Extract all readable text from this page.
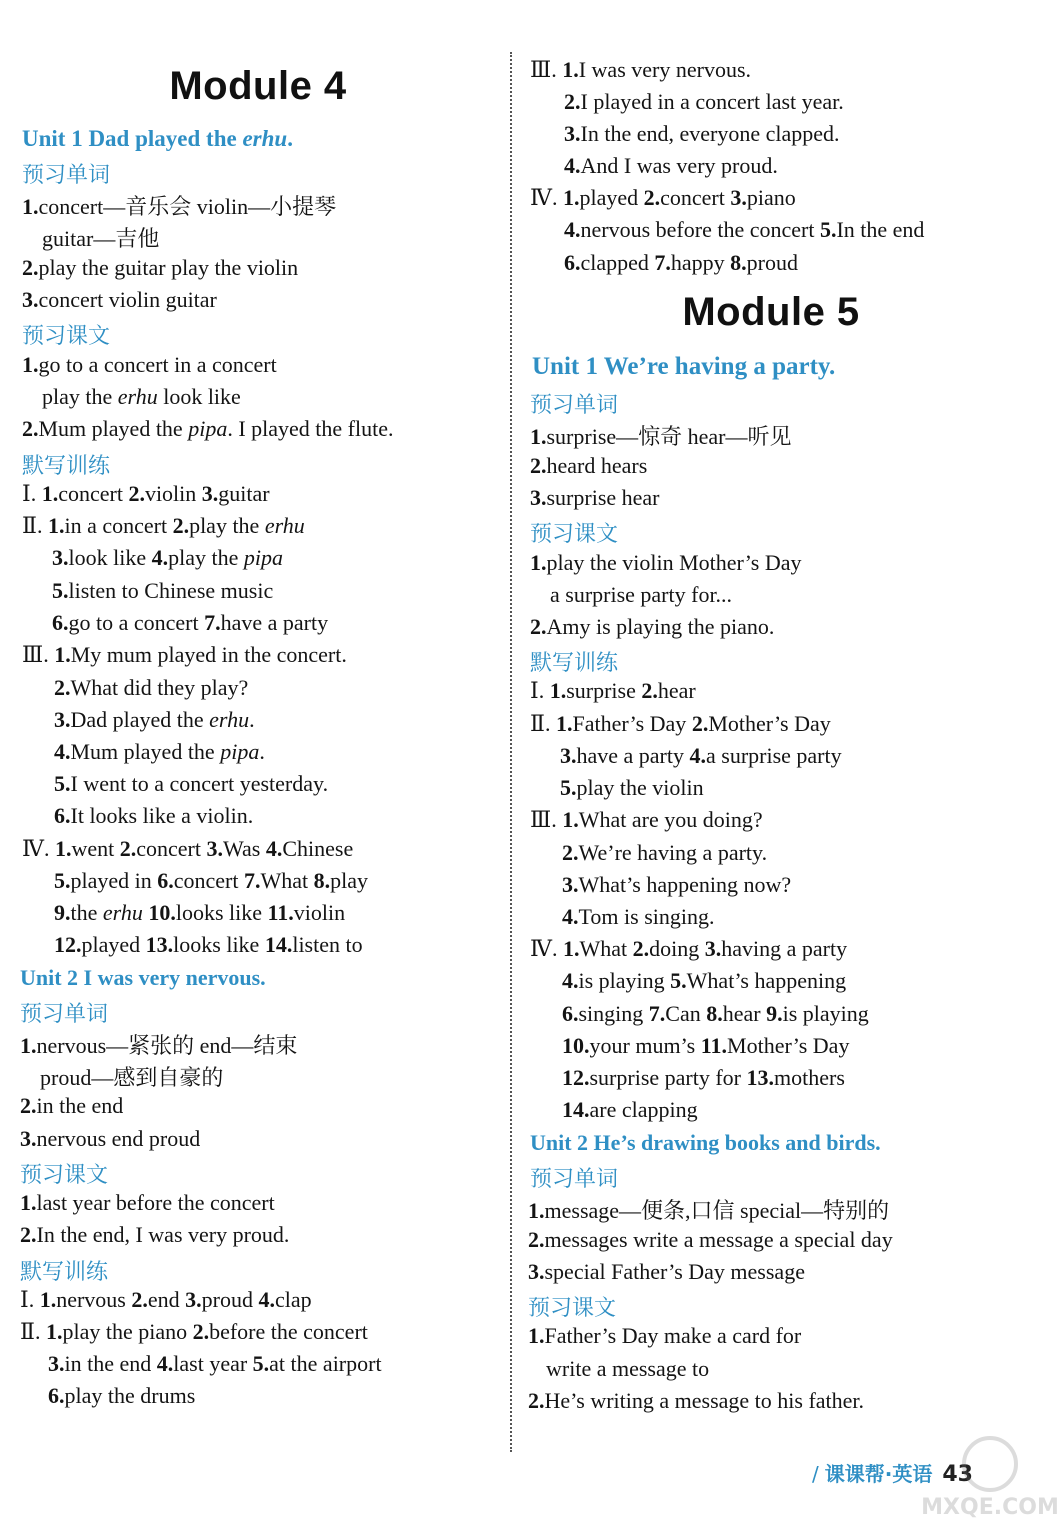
Module 4
Unit 1 Dad played the erhu.
预习单词
1.concert—音乐会 violin—小提琴
guitar—吉他
2.play the guitar play the violin
3.concert violin guitar
预习课文
1.go to a concert in a concert
play the erhu look like
2.Mum played the pipa. I played the flute.
默写训练
Ⅰ. 1.concert 2.violin 3.guitar
Ⅱ. 1.in a concert 2.play the erhu
3.look like 4.play the pipa
5.listen to Chinese music
6.go to a concert 7.have a party
Ⅲ. 1.My mum played in the concert.
2.What did they play?
3.Dad played the erhu.
4.Mum played the pipa.
5.I went to a concert yesterday.
6.It looks like a violin.
Ⅳ. 1.went 2.concert 3.Was 4.Chinese
5.played in 6.concert 7.What 8.play
9.the erhu 10.looks like 11.violin
12.played 13.looks like 14.listen to
Unit 2 I was very nervous.
预习单词
1.nervous—紧张的 end—结束
proud—感到自豪的
2.in the end
3.nervous end proud
预习课文
1.last year before the concert
2.In the end, I was very proud.
默写训练
Ⅰ. 1.nervous 2.end 3.proud 4.clap
Ⅱ. 1.play the piano 2.before the concert
3.in the end 4.last year 5.at the airport
6.play the drums
Ⅲ. 1.I was very nervous.
2.I played in a concert last year.
3.In the end, everyone clapped.
4.And I was very proud.
Ⅳ. 1.played 2.concert 3.piano
4.nervous before the concert 5.In the end
6.clapped 7.happy 8.proud
Module 5
Unit 1 We’re having a party.
预习单词
1.surprise—惊奇 hear—听见
2.heard hears
3.surprise hear
预习课文
1.play the violin Mother’s Day
a surprise party for...
2.Amy is playing the piano.
默写训练
Ⅰ. 1.surprise 2.hear
Ⅱ. 1.Father’s Day 2.Mother’s Day
3.have a party 4.a surprise party
5.play the violin
Ⅲ. 1.What are you doing?
2.We’re having a party.
3.What’s happening now?
4.Tom is singing.
Ⅳ. 1.What 2.doing 3.having a party
4.is playing 5.What’s happening
6.singing 7.Can 8.hear 9.is playing
10.your mum’s 11.Mother’s Day
12.surprise party for 13.mothers
14.are clapping
Unit 2 He’s drawing books and birds.
预习单词
1.message—便条,口信 special—特别的
2.messages write a message a special day
3.special Father’s Day message
预习课文
1.Father’s Day make a card for
write a message to
2.He’s writing a message to his father.
/ 课课帮·英语 43
MXQE.COM
